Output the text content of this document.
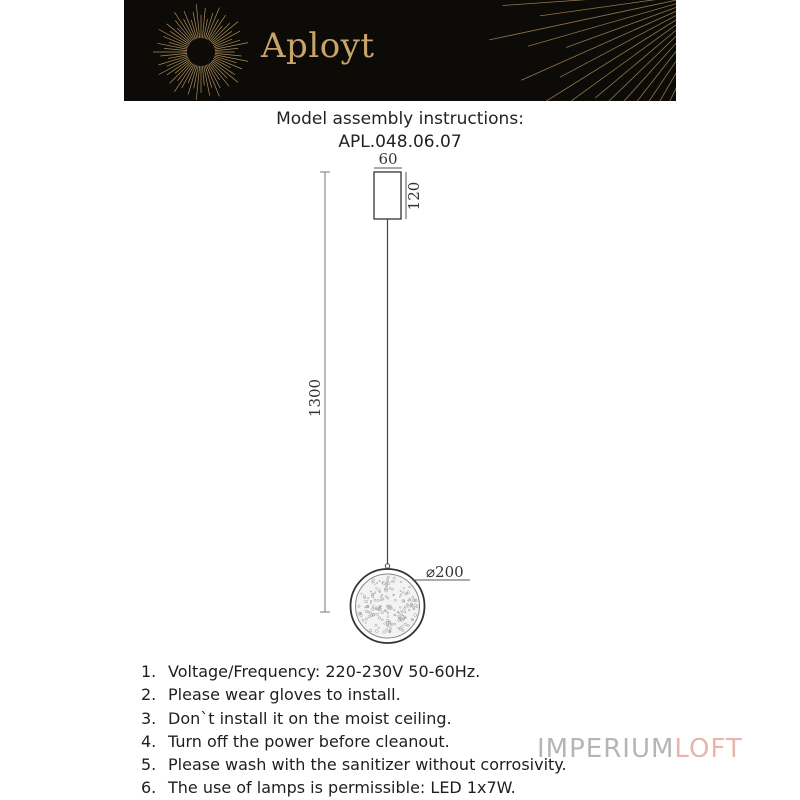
Aployt
Model assembly instructions:
APL.048.06.07
60
120
1300
⌀200
1. Voltage/Frequency: 220-230V 50-60Hz.
2. Please wear gloves to install.
3. Don`t install it on the moist ceiling.
4. Turn off the power before cleanout.
5. Please wash with the sanitizer without corrosivity.
6. The use of lamps is permissible: LED 1x7W.
IMPERIUMLOFT
